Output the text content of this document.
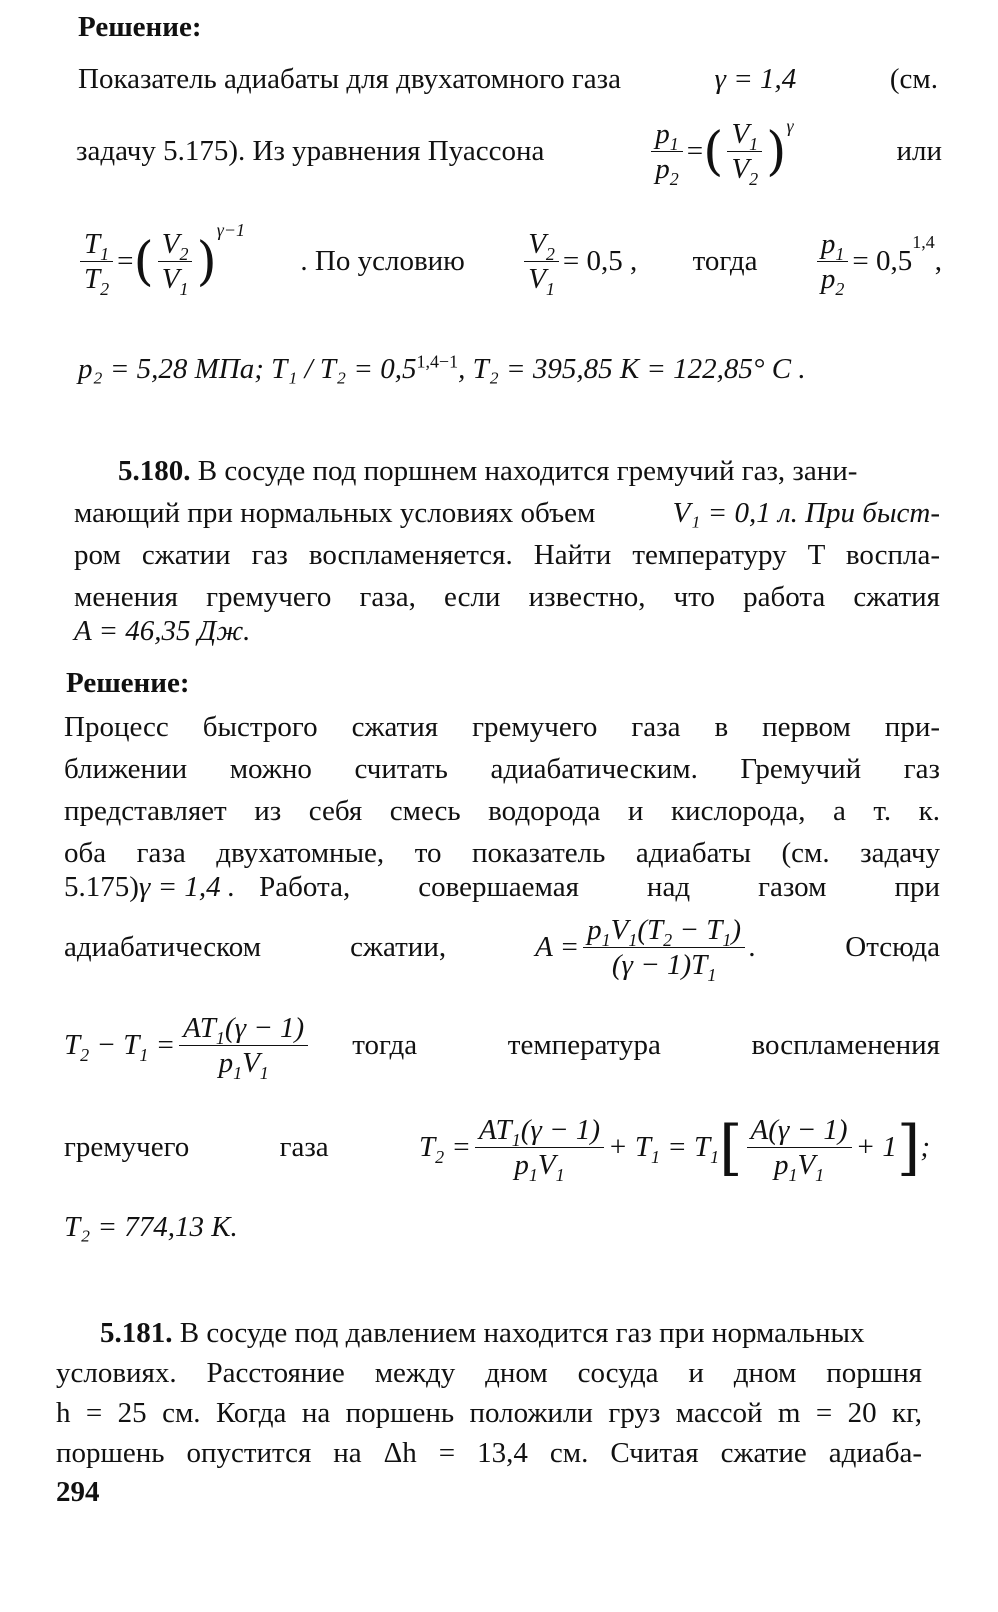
Решение:
Показатель адиабаты для двухатомного газа	γ = 1,4	(см.
задачу 5.175). Из уравнения Пуассона	$\frac{p_1}{p_2}$ = ( $\frac{V_1}{V_2}$ ) γ
или
$\frac{T_1}{T_2}$ = ( $\frac{V_2}{V_1}$ )
γ−1
. По условию $\frac{V_2}{V_1} = 0,5$ , тогда $\frac{p_1}{p_2} = 0,5$
1,4
,
p₂ = 5,28 МПа; $T_1 / T_2 = 0,5^{1,4-1}$, T₂ = 395,85 К = 122,85° С .
5.180. В сосуде под поршнем находится гремучий газ, зани-
мающий при нормальных условиях объем	V₁ = 0,1 л. При быст-
ром сжатии газ воспламеняется. Найти температуру T воспла-
менения гремучего газа, если известно, что работа сжатия
A = 46,35 Дж.
Решение:
Процесс быстрого сжатия гремучего газа в первом при-
ближении можно считать адиабатическим. Гремучий газ
представляет из себя смесь водорода и кислорода, а т. к.
оба газа двухатомные, то показатель адиабаты (см. задачу
5.175) γ = 1,4 . Работа, совершаемая над газом при
адиабатическом	сжатии,	$A = \frac{p_1V_1(T_2 - T_1)}{(\gamma - 1)T_1}$ .	Отсюда
$T_2 - T_1 = \frac{AT_1(\gamma - 1)}{p_1V_1}$ тогда температура воспламенения
гремучего	газа	$T_2 = \frac{AT_1(\gamma - 1)}{p_1V_1} + T_1 = T_1$ [ $\frac{A(\gamma - 1)}{p_1V_1} + 1$ ] ;
T₂ = 774,13 К.
5.181. В сосуде под давлением находится газ при нормальных
условиях. Расстояние между дном сосуда и дном поршня
h = 25 см. Когда на поршень положили груз массой m = 20 кг,
поршень опустится на Δh = 13,4 см. Считая сжатие адиаба-
294
